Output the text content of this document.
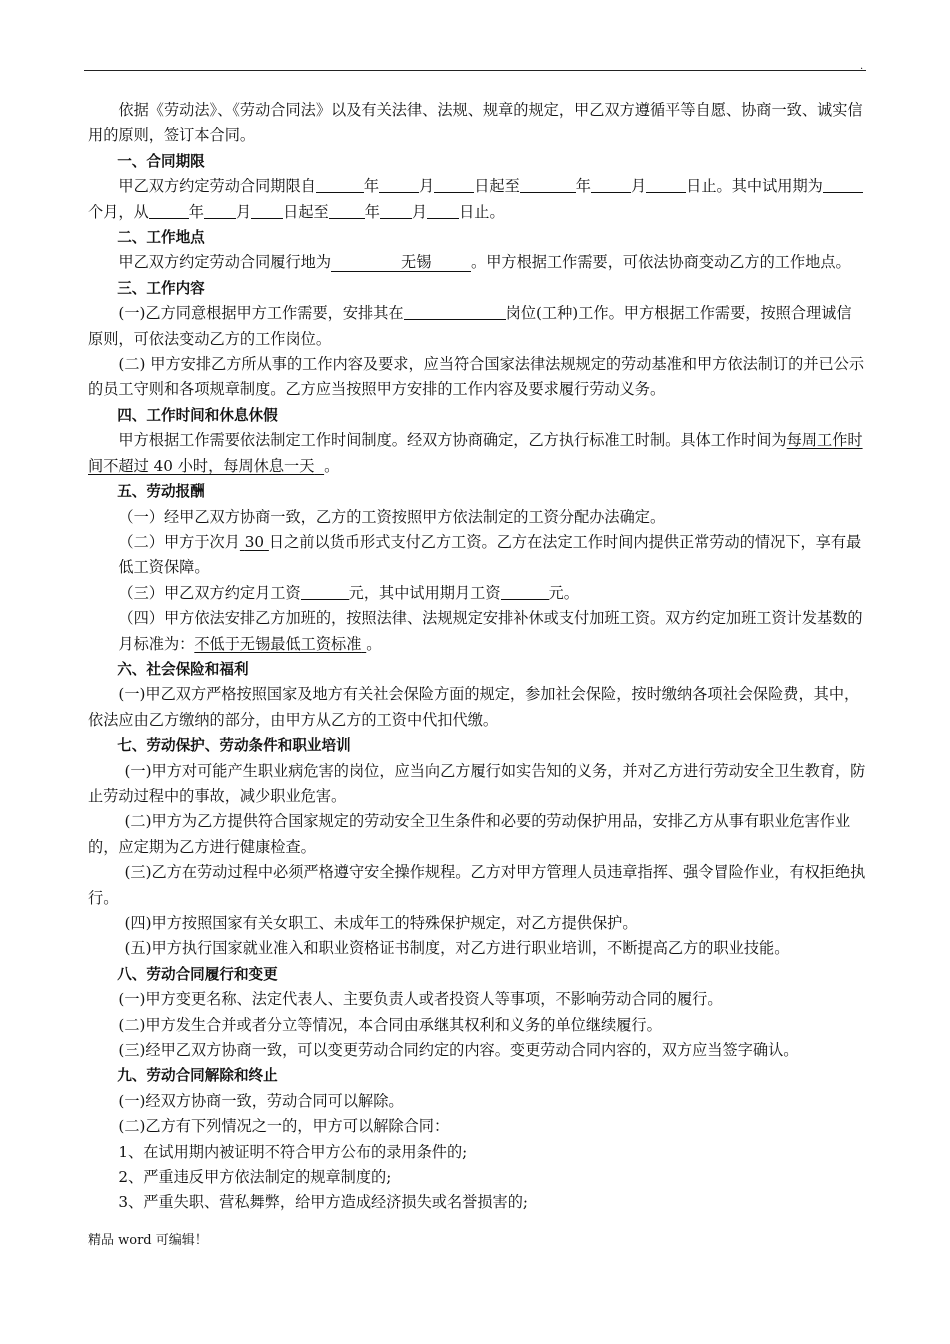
.

依据《劳动法》、《劳动合同法》以及有关法律、法规、规章的规定，甲乙双方遵循平等自愿、协商一致、诚实信用的原则，签订本合同。

一、合同期限

甲乙双方约定劳动合同期限自	年	月	日起至	年	月	日止。其中试用期为个月，从	年 月 日起至 年 月 日止。

二、工作地点

甲乙双方约定劳动合同履行地为	无锡	。甲方根据工作需要，可依法协商变动乙方的工作地点。

三、工作内容

(一)乙方同意根据甲方工作需要，安排其在	岗位(工种)工作。甲方根据工作需要，按照合理诚信原则，可依法变动乙方的工作岗位。

(二) 甲方安排乙方所从事的工作内容及要求，应当符合国家法律法规规定的劳动基准和甲方依法制订的并已公示的员工守则和各项规章制度。乙方应当按照甲方安排的工作内容及要求履行劳动义务。

四、工作时间和休息休假

甲方根据工作需要依法制定工作时间制度。经双方协商确定，乙方执行标准工时制。具体工作时间为每周工作时间不超过 40 小时，每周休息一天 。

五、劳动报酬

（一）经甲乙双方协商一致，乙方的工资按照甲方依法制定的工资分配办法确定。

（二）甲方于次月 30 日之前以货币形式支付乙方工资。乙方在法定工作时间内提供正常劳动的情况下，享有最低工资保障。

（三）甲乙双方约定月工资	元，其中试用期月工资	元。

（四）甲方依法安排乙方加班的，按照法律、法规规定安排补休或支付加班工资。双方约定加班工资计发基数的月标准为：不低于无锡最低工资标准 。

六、社会保险和福利

(一)甲乙双方严格按照国家及地方有关社会保险方面的规定，参加社会保险，按时缴纳各项社会保险费，其中，依法应由乙方缴纳的部分，由甲方从乙方的工资中代扣代缴。

七、劳动保护、劳动条件和职业培训

(一)甲方对可能产生职业病危害的岗位，应当向乙方履行如实告知的义务，并对乙方进行劳动安全卫生教育，防止劳动过程中的事故，减少职业危害。

(二)甲方为乙方提供符合国家规定的劳动安全卫生条件和必要的劳动保护用品，安排乙方从事有职业危害作业的，应定期为乙方进行健康检查。

(三)乙方在劳动过程中必须严格遵守安全操作规程。乙方对甲方管理人员违章指挥、强令冒险作业，有权拒绝执行。

(四)甲方按照国家有关女职工、未成年工的特殊保护规定，对乙方提供保护。

(五)甲方执行国家就业准入和职业资格证书制度，对乙方进行职业培训，不断提高乙方的职业技能。

八、劳动合同履行和变更

(一)甲方变更名称、法定代表人、主要负责人或者投资人等事项，不影响劳动合同的履行。

(二)甲方发生合并或者分立等情况，本合同由承继其权利和义务的单位继续履行。

(三)经甲乙双方协商一致，可以变更劳动合同约定的内容。变更劳动合同内容的，双方应当签字确认。

九、劳动合同解除和终止

(一)经双方协商一致，劳动合同可以解除。

(二)乙方有下列情况之一的，甲方可以解除合同：

1、在试用期内被证明不符合甲方公布的录用条件的;

2、严重违反甲方依法制定的规章制度的;

3、严重失职、营私舞弊，给甲方造成经济损失或名誉损害的;

精品 word 可编辑！
